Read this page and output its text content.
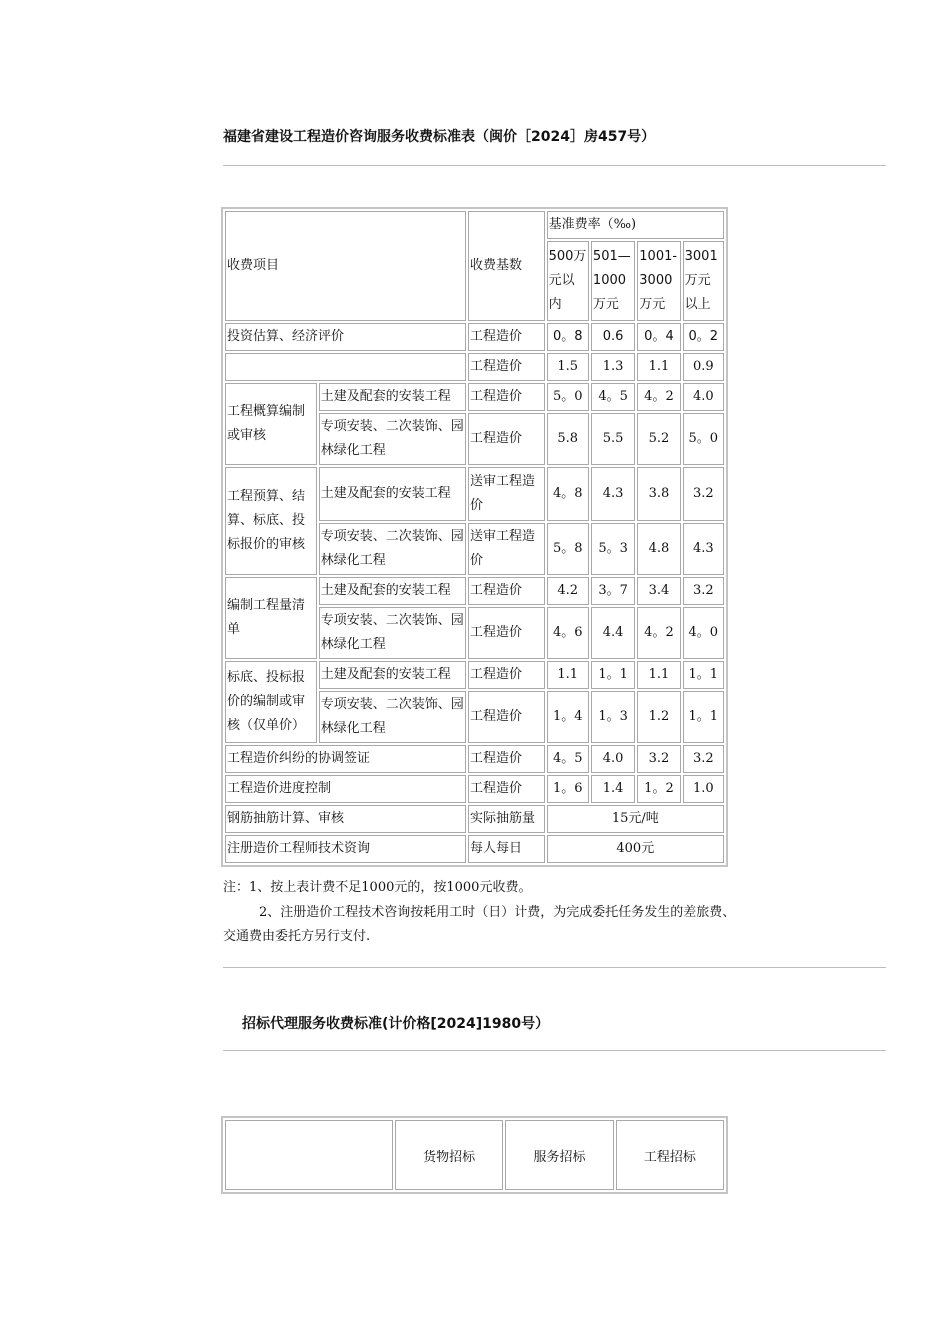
福建省建设工程造价咨询服务收费标准表（闽价［2024］房457号）
收费项目		收费基数	基准费率（‰)			
			500万元以内	501—1000万元	1001-3000万元	3001万元以上
投资估算、经济评价		工程造价	0。8	0.6	0。4	0。2
		工程造价	1.5	1.3	1.1	0.9
工程概算编制或审核	土建及配套的安装工程	工程造价	5。0	4。5	4。2	4.0
	专项安装、二次装饰、园林绿化工程	工程造价	5.8	5.5	5.2	5。0
工程预算、结算、标底、投标报价的审核	土建及配套的安装工程	送审工程造价	4。8	4.3	3.8	3.2
	专项安装、二次装饰、园林绿化工程	送审工程造价	5。8	5。3	4.8	4.3
编制工程量清单	土建及配套的安装工程	工程造价	4.2	3。7	3.4	3.2
	专项安装、二次装饰、园林绿化工程	工程造价	4。6	4.4	4。2	4。0
标底、投标报价的编制或审核（仅单价）	土建及配套的安装工程	工程造价	1.1	1。1	1.1	1。1
	专项安装、二次装饰、园林绿化工程	工程造价	1。4	1。3	1.2	1。1
工程造价纠纷的协调签证		工程造价	4。5	4.0	3.2	3.2
工程造价进度控制		工程造价	1。6	1.4	1。2	1.0
钢筋抽筋计算、审核		实际抽筋量	15元/吨			
注册造价工程师技术资询		每人每日	400元			
注：1、按上表计费不足1000元的，按1000元收费。
2、注册造价工程技术咨询按耗用工时（日）计费，为完成委托任务发生的差旅费、交通费由委托方另行支付.
招标代理服务收费标准(计价格[2024]1980号）
	货物招标	服务招标	工程招标
